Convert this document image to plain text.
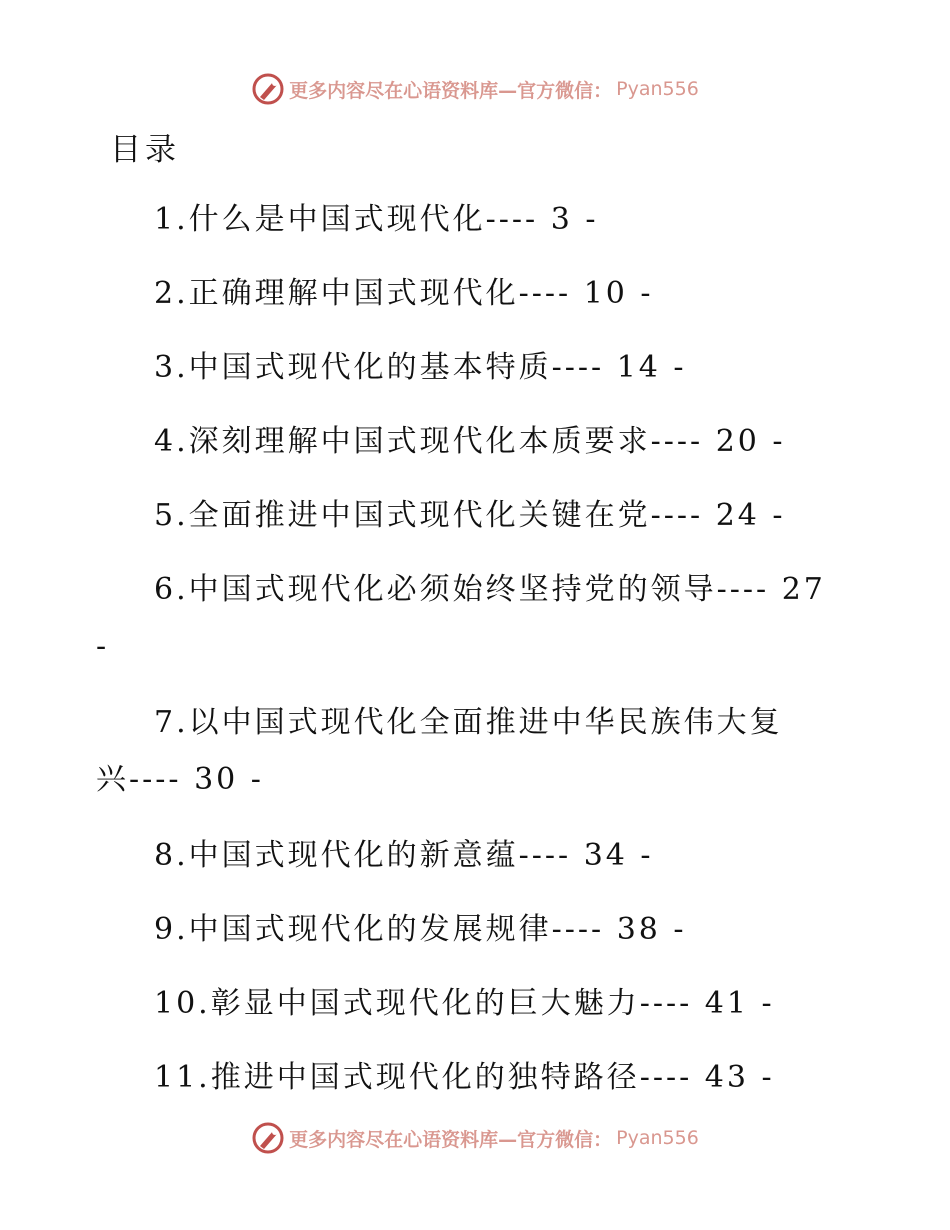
更多内容尽在心语资料库—官方微信： Pyan556
目录
1.什么是中国式现代化---- 3 -
2.正确理解中国式现代化---- 10 -
3.中国式现代化的基本特质---- 14 -
4.深刻理解中国式现代化本质要求---- 20 -
5.全面推进中国式现代化关键在党---- 24 -
6.中国式现代化必须始终坚持党的领导---- 27
-
7.以中国式现代化全面推进中华民族伟大复
兴---- 30 -
8.中国式现代化的新意蕴---- 34 -
9.中国式现代化的发展规律---- 38 -
10.彰显中国式现代化的巨大魅力---- 41 -
11.推进中国式现代化的独特路径---- 43 -
更多内容尽在心语资料库—官方微信： Pyan556
